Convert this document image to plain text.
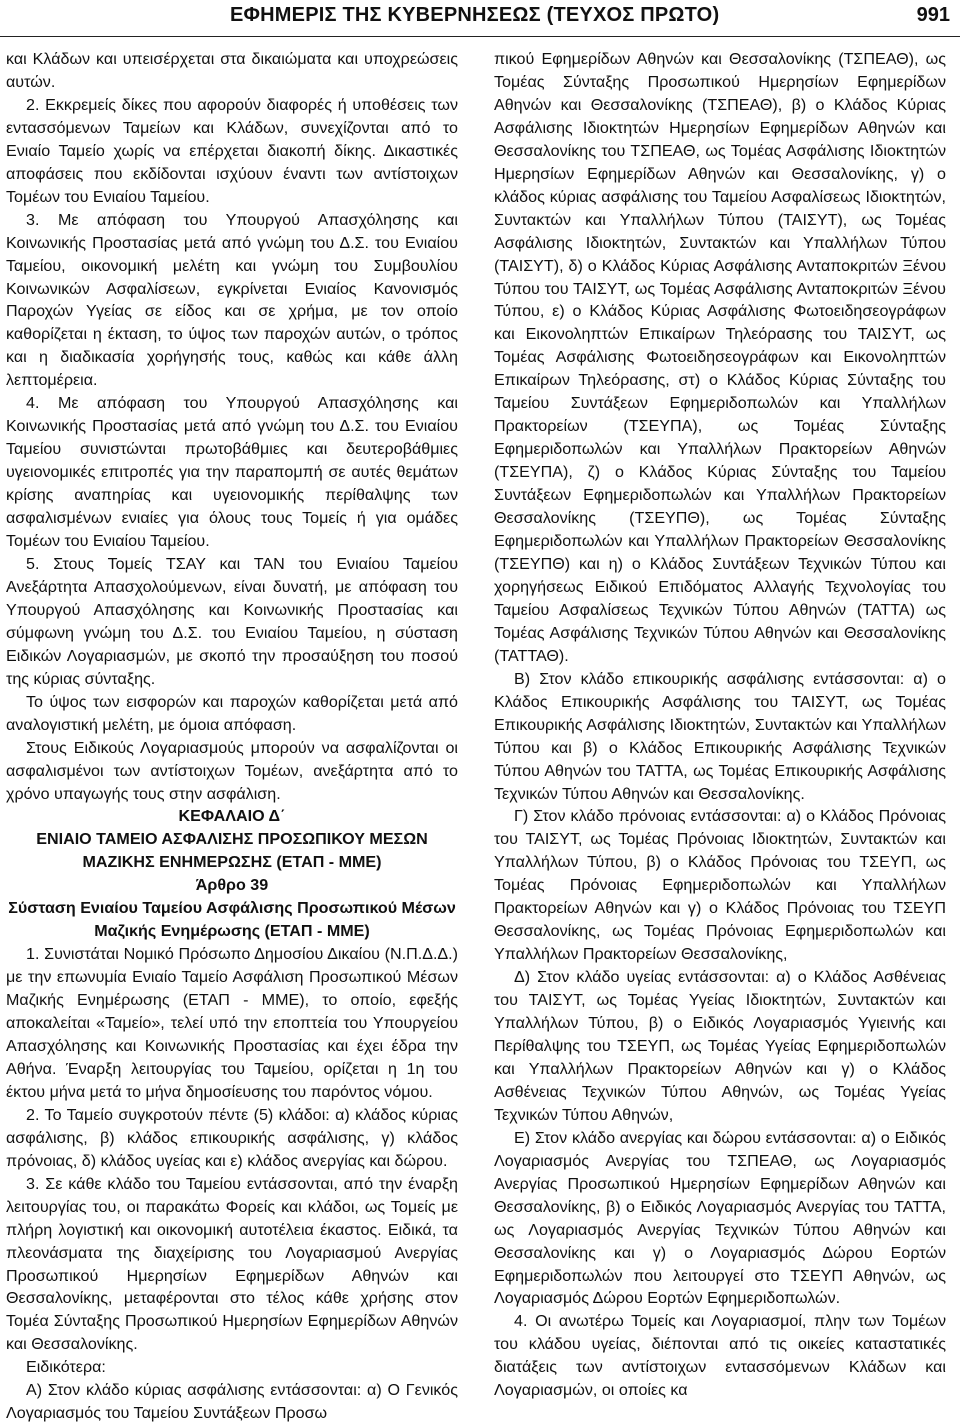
ΕΦΗΜΕΡΙΣ ΤΗΣ ΚΥΒΕΡΝΗΣΕΩΣ (ΤΕΥΧΟΣ ΠΡΩΤΟ)	991

και Κλάδων και υπεισέρχεται στα δικαιώματα και υποχρεώσεις αυτών.

2. Εκκρεμείς δίκες που αφορούν διαφορές ή υποθέσεις των εντασσόμενων Ταμείων και Κλάδων, συνεχίζονται από το Ενιαίο Ταμείο χωρίς να επέρχεται διακοπή δίκης. Δικαστικές αποφάσεις που εκδίδονται ισχύουν έναντι των αντίστοιχων Τομέων του Ενιαίου Ταμείου.

3. Με απόφαση του Υπουργού Απασχόλησης και Κοινωνικής Προστασίας μετά από γνώμη του Δ.Σ. του Ενιαίου Ταμείου, οικονομική μελέτη και γνώμη του Συμβουλίου Κοινωνικών Ασφαλίσεων, εγκρίνεται Ενιαίος Κανονισμός Παροχών Υγείας σε είδος και σε χρήμα, με τον οποίο καθορίζεται η έκταση, το ύψος των παροχών αυτών, ο τρόπος και η διαδικασία χορήγησής τους, καθώς και κάθε άλλη λεπτομέρεια.

4. Με απόφαση του Υπουργού Απασχόλησης και Κοινωνικής Προστασίας μετά από γνώμη του Δ.Σ. του Ενιαίου Ταμείου συνιστώνται πρωτοβάθμιες και δευτεροβάθμιες υγειονομικές επιτροπές για την παραπομπή σε αυτές θεμάτων κρίσης αναπηρίας και υγειονομικής περίθαλψης των ασφαλισμένων ενιαίες για όλους τους Τομείς ή για ομάδες Τομέων του Ενιαίου Ταμείου.

5. Στους Τομείς ΤΣΑΥ και ΤΑΝ του Ενιαίου Ταμείου Ανεξάρτητα Απασχολούμενων, είναι δυνατή, με απόφαση του Υπουργού Απασχόλησης και Κοινωνικής Προστασίας και σύμφωνη γνώμη του Δ.Σ. του Ενιαίου Ταμείου, η σύσταση Ειδικών Λογαριασμών, με σκοπό την προσαύξηση του ποσού της κύριας σύνταξης.

Το ύψος των εισφορών και παροχών καθορίζεται μετά από αναλογιστική μελέτη, με όμοια απόφαση.

Στους Ειδικούς Λογαριασμούς μπορούν να ασφαλίζονται οι ασφαλισμένοι των αντίστοιχων Τομέων, ανεξάρτητα από το χρόνο υπαγωγής τους στην ασφάλιση.

ΚΕΦΑΛΑΙΟ Δ΄

ΕΝΙΑΙΟ ΤΑΜΕΙΟ ΑΣΦΑΛΙΣΗΣ ΠΡΟΣΩΠΙΚΟΥ ΜΕΣΩΝ ΜΑΖΙΚΗΣ ΕΝΗΜΕΡΩΣΗΣ (ΕΤΑΠ - ΜΜΕ)

Άρθρο 39

Σύσταση Ενιαίου Ταμείου Ασφάλισης Προσωπικού Μέσων Μαζικής Ενημέρωσης (ΕΤΑΠ - ΜΜΕ)

1. Συνιστάται Νομικό Πρόσωπο Δημοσίου Δικαίου (Ν.Π.Δ.Δ.) με την επωνυμία Ενιαίο Ταμείο Ασφάλιση Προσωπικού Μέσων Μαζικής Ενημέρωσης (ΕΤΑΠ - ΜΜΕ), το οποίο, εφεξής αποκαλείται «Ταμείο», τελεί υπό την εποπτεία του Υπουργείου Απασχόλησης και Κοινωνικής Προστασίας και έχει έδρα την Αθήνα. Έναρξη λειτουργίας του Ταμείου, ορίζεται η 1η του έκτου μήνα μετά το μήνα δημοσίευσης του παρόντος νόμου.

2. Το Ταμείο συγκροτούν πέντε (5) κλάδοι: α) κλάδος κύριας ασφάλισης, β) κλάδος επικουρικής ασφάλισης, γ) κλάδος πρόνοιας, δ) κλάδος υγείας και ε) κλάδος ανεργίας και δώρου.

3. Σε κάθε κλάδο του Ταμείου εντάσσονται, από την έναρξη λειτουργίας του, οι παρακάτω Φορείς και κλάδοι, ως Τομείς με πλήρη λογιστική και οικονομική αυτοτέλεια έκαστος. Ειδικά, τα πλεονάσματα της διαχείρισης του Λογαριασμού Ανεργίας Προσωπικού Ημερησίων Εφημερίδων Αθηνών και Θεσσαλονίκης, μεταφέρονται στο τέλος κάθε χρήσης στον Τομέα Σύνταξης Προσωπικού Ημερησίων Εφημερίδων Αθηνών και Θεσσαλονίκης.

Ειδικότερα:

Α) Στον κλάδο κύριας ασφάλισης εντάσσονται: α) Ο Γενικός Λογαριασμός του Ταμείου Συντάξεων Προσω

πικού Εφημερίδων Αθηνών και Θεσσαλονίκης (ΤΣΠΕΑΘ), ως Τομέας Σύνταξης Προσωπικού Ημερησίων Εφημερίδων Αθηνών και Θεσσαλονίκης (ΤΣΠΕΑΘ), β) ο Κλάδος Κύριας Ασφάλισης Ιδιοκτητών Ημερησίων Εφημερίδων Αθηνών και Θεσσαλονίκης του ΤΣΠΕΑΘ, ως Τομέας Ασφάλισης Ιδιοκτητών Ημερησίων Εφημερίδων Αθηνών και Θεσσαλονίκης, γ) ο κλάδος κύριας ασφάλισης του Ταμείου Ασφαλίσεως Ιδιοκτητών, Συντακτών και Υπαλλήλων Τύπου (ΤΑΙΣΥΤ), ως Τομέας Ασφάλισης Ιδιοκτητών, Συντακτών και Υπαλλήλων Τύπου (ΤΑΙΣΥΤ), δ) ο Κλάδος Κύριας Ασφάλισης Ανταποκριτών Ξένου Τύπου του ΤΑΙΣΥΤ, ως Τομέας Ασφάλισης Ανταποκριτών Ξένου Τύπου, ε) ο Κλάδος Κύριας Ασφάλισης Φωτοειδησεογράφων και Εικονοληπτών Επικαίρων Τηλεόρασης του ΤΑΙΣΥΤ, ως Τομέας Ασφάλισης Φωτοειδησεογράφων και Εικονοληπτών Επικαίρων Τηλεόρασης, στ) ο Κλάδος Κύριας Σύνταξης του Ταμείου Συντάξεων Εφημεριδοπωλών και Υπαλλήλων Πρακτορείων (ΤΣΕΥΠΑ), ως Τομέας Σύνταξης Εφημεριδοπωλών και Υπαλλήλων Πρακτορείων Αθηνών (ΤΣΕΥΠΑ), ζ) ο Κλάδος Κύριας Σύνταξης του Ταμείου Συντάξεων Εφημεριδοπωλών και Υπαλλήλων Πρακτορείων Θεσσαλονίκης (ΤΣΕΥΠΘ), ως Τομέας Σύνταξης Εφημεριδοπωλών και Υπαλλήλων Πρακτορείων Θεσσαλονίκης (ΤΣΕΥΠΘ) και η) ο Κλάδος Συντάξεων Τεχνικών Τύπου και χορηγήσεως Ειδικού Επιδόματος Αλλαγής Τεχνολογίας του Ταμείου Ασφαλίσεως Τεχνικών Τύπου Αθηνών (ΤΑΤΤΑ) ως Τομέας Ασφάλισης Τεχνικών Τύπου Αθηνών και Θεσσαλονίκης (ΤΑΤΤΑΘ).

Β) Στον κλάδο επικουρικής ασφάλισης εντάσσονται: α) ο Κλάδος Επικουρικής Ασφάλισης του ΤΑΙΣΥΤ, ως Τομέας Επικουρικής Ασφάλισης Ιδιοκτητών, Συντακτών και Υπαλλήλων Τύπου και β) ο Κλάδος Επικουρικής Ασφάλισης Τεχνικών Τύπου Αθηνών του ΤΑΤΤΑ, ως Τομέας Επικουρικής Ασφάλισης Τεχνικών Τύπου Αθηνών και Θεσσαλονίκης.

Γ) Στον κλάδο πρόνοιας εντάσσονται: α) ο Κλάδος Πρόνοιας του ΤΑΙΣΥΤ, ως Τομέας Πρόνοιας Ιδιοκτητών, Συντακτών και Υπαλλήλων Τύπου, β) ο Κλάδος Πρόνοιας του ΤΣΕΥΠ, ως Τομέας Πρόνοιας Εφημεριδοπωλών και Υπαλλήλων Πρακτορείων Αθηνών και γ) ο Κλάδος Πρόνοιας του ΤΣΕΥΠ Θεσσαλονίκης, ως Τομέας Πρόνοιας Εφημεριδοπωλών και Υπαλλήλων Πρακτορείων Θεσσαλονίκης,

Δ) Στον κλάδο υγείας εντάσσονται: α) ο Κλάδος Ασθένειας του ΤΑΙΣΥΤ, ως Τομέας Υγείας Ιδιοκτητών, Συντακτών και Υπαλλήλων Τύπου, β) ο Ειδικός Λογαριασμός Υγιεινής και Περίθαλψης του ΤΣΕΥΠ, ως Τομέας Υγείας Εφημεριδοπωλών και Υπαλλήλων Πρακτορείων Αθηνών και γ) ο Κλάδος Ασθένειας Τεχνικών Τύπου Αθηνών, ως Τομέας Υγείας Τεχνικών Τύπου Αθηνών,

Ε) Στον κλάδο ανεργίας και δώρου εντάσσονται: α) ο Ειδικός Λογαριασμός Ανεργίας του ΤΣΠΕΑΘ, ως Λογαριασμός Ανεργίας Προσωπικού Ημερησίων Εφημερίδων Αθηνών και Θεσσαλονίκης, β) ο Ειδικός Λογαριασμός Ανεργίας του ΤΑΤΤΑ, ως Λογαριασμός Ανεργίας Τεχνικών Τύπου Αθηνών και Θεσσαλονίκης και γ) ο Λογαριασμός Δώρου Εορτών Εφημεριδοπωλών που λειτουργεί στο ΤΣΕΥΠ Αθηνών, ως Λογαριασμός Δώρου Εορτών Εφημεριδοπωλών.

4. Οι ανωτέρω Τομείς και Λογαριασμοί, πλην των Τομέων του κλάδου υγείας, διέπονται από τις οικείες καταστατικές διατάξεις των αντίστοιχων εντασσόμενων Κλάδων και Λογαριασμών, οι οποίες κα
